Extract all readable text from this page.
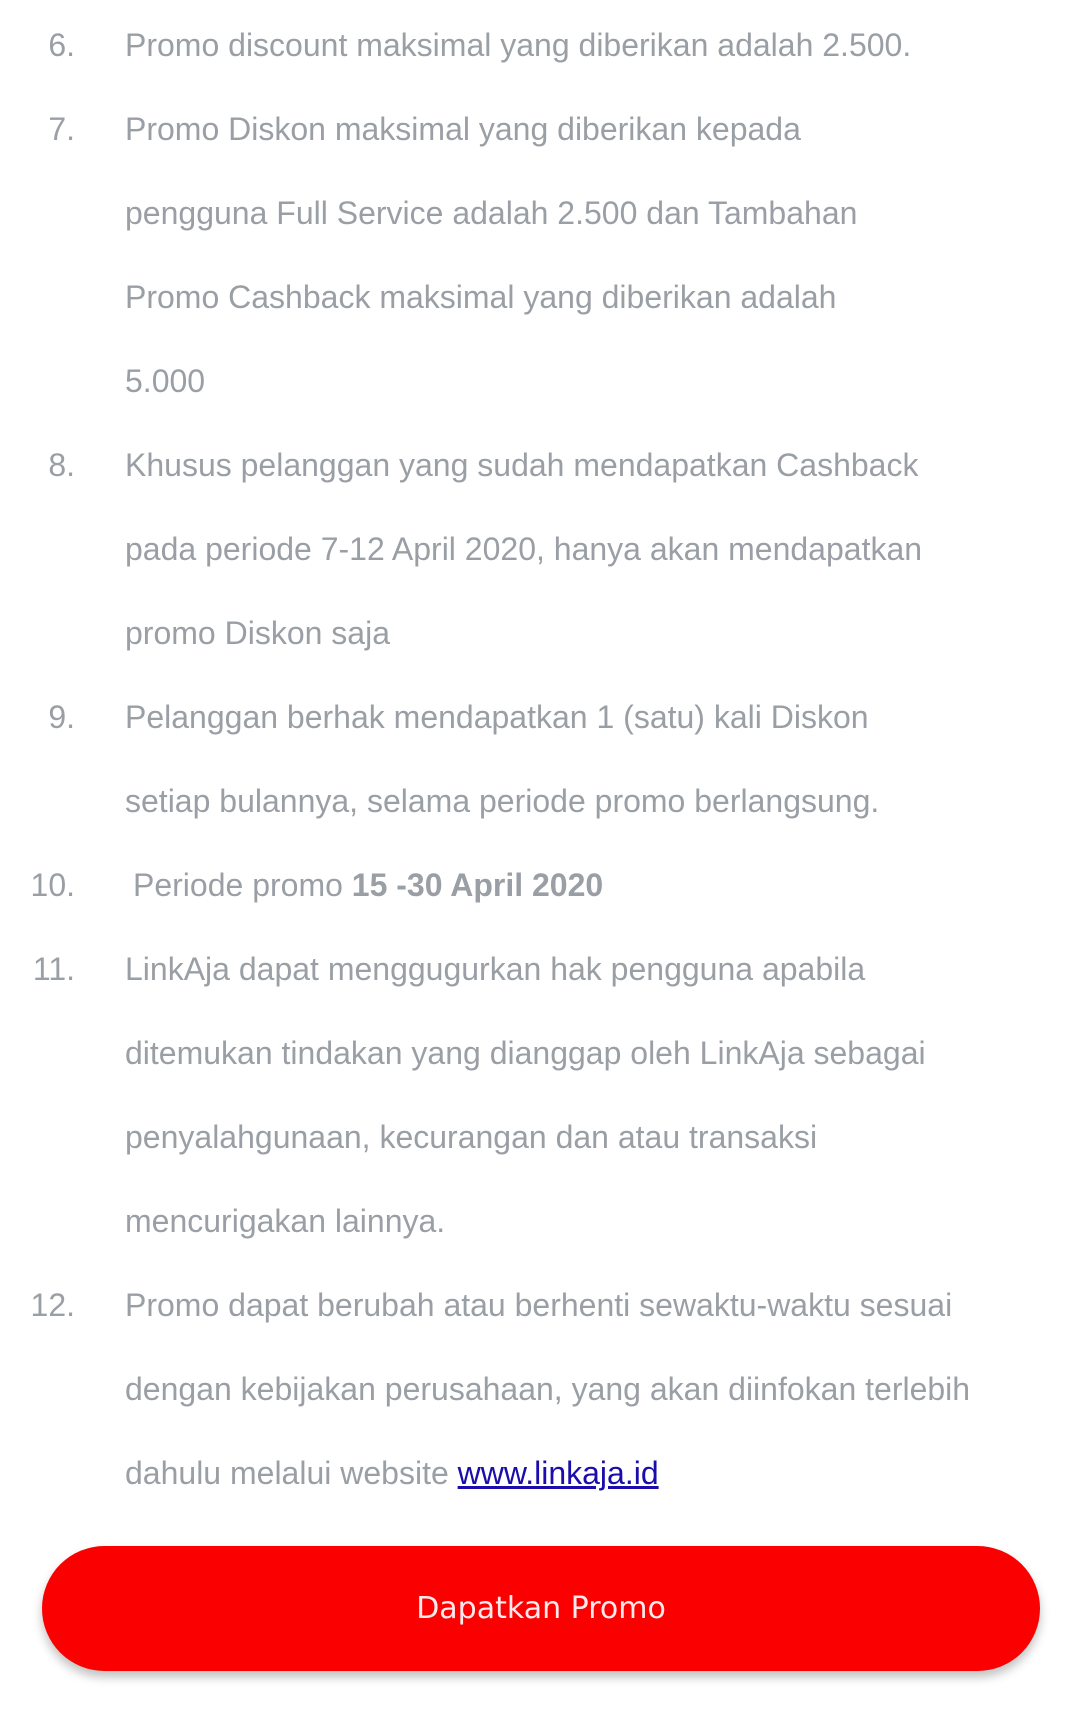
6. Promo discount maksimal yang diberikan adalah 2.500.
7. Promo Diskon maksimal yang diberikan kepada pengguna Full Service adalah 2.500 dan Tambahan Promo Cashback maksimal yang diberikan adalah 5.000
8. Khusus pelanggan yang sudah mendapatkan Cashback pada periode 7-12 April 2020, hanya akan mendapatkan promo Diskon saja
9. Pelanggan berhak mendapatkan 1 (satu) kali Diskon setiap bulannya, selama periode promo berlangsung.
10. Periode promo 15 -30 April 2020
11. LinkAja dapat menggugurkan hak pengguna apabila ditemukan tindakan yang dianggap oleh LinkAja sebagai penyalahgunaan, kecurangan dan atau transaksi mencurigakan lainnya.
12. Promo dapat berubah atau berhenti sewaktu-waktu sesuai dengan kebijakan perusahaan, yang akan diinfokan terlebih dahulu melalui website www.linkaja.id
Dapatkan Promo
